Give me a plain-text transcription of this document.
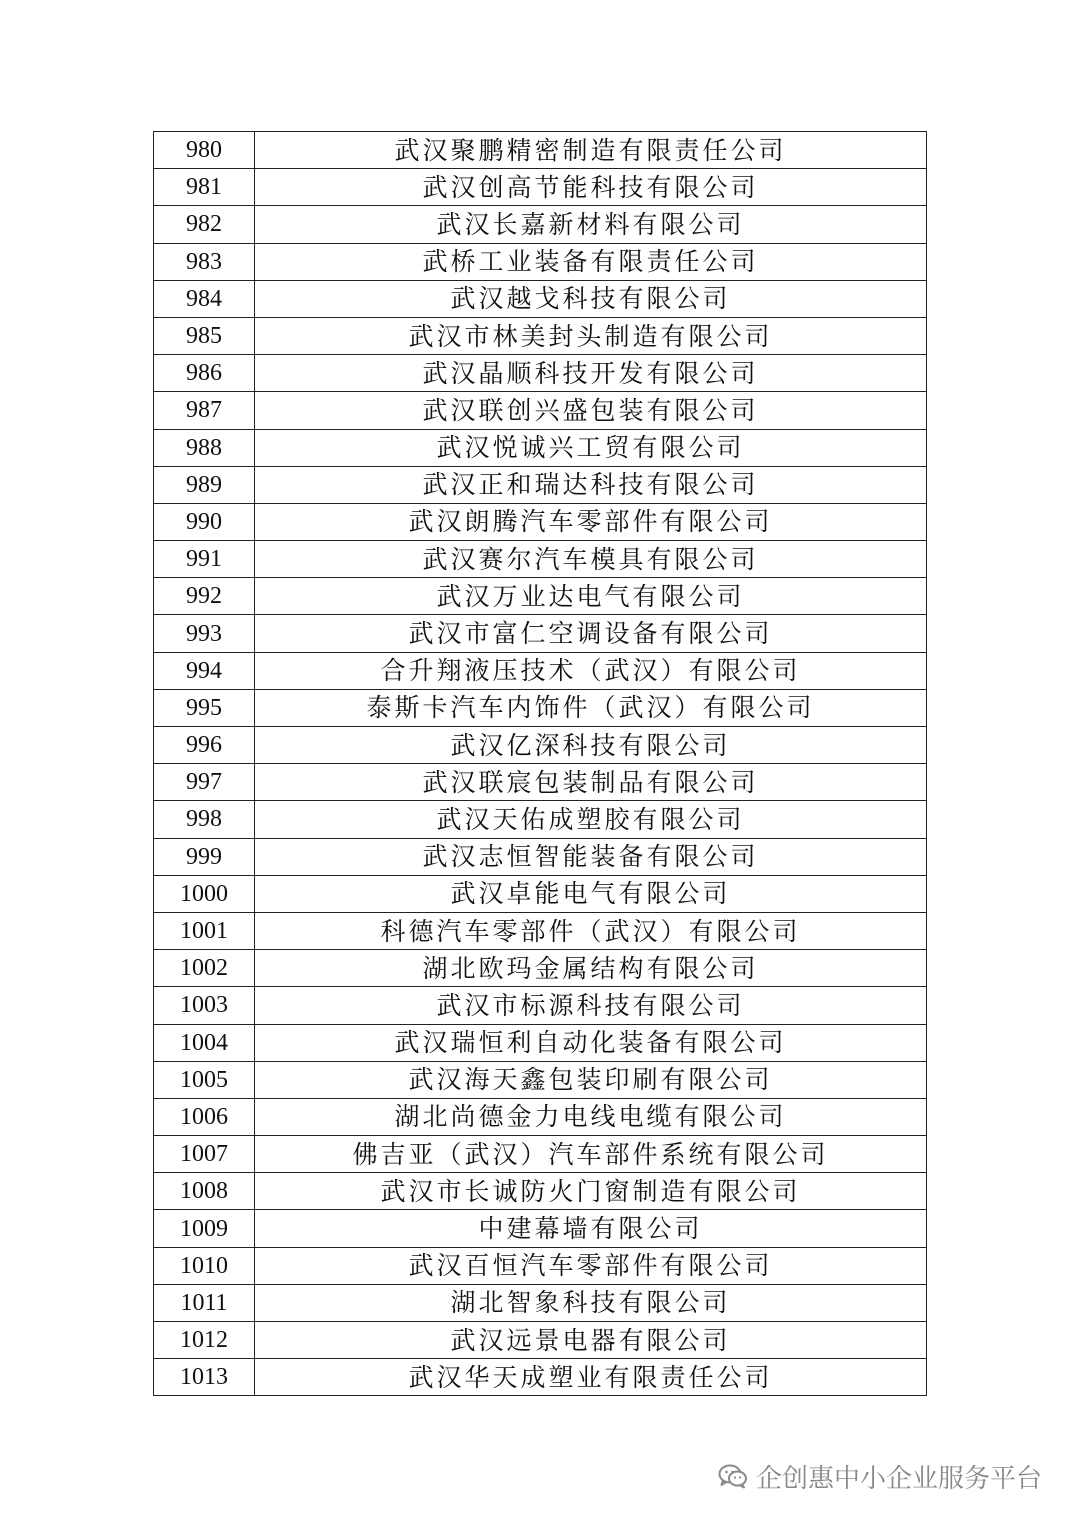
980	武汉聚鹏精密制造有限责任公司
981	武汉创高节能科技有限公司
982	武汉长嘉新材料有限公司
983	武桥工业装备有限责任公司
984	武汉越戈科技有限公司
985	武汉市林美封头制造有限公司
986	武汉晶顺科技开发有限公司
987	武汉联创兴盛包装有限公司
988	武汉悦诚兴工贸有限公司
989	武汉正和瑞达科技有限公司
990	武汉朗腾汽车零部件有限公司
991	武汉赛尔汽车模具有限公司
992	武汉万业达电气有限公司
993	武汉市富仁空调设备有限公司
994	合升翔液压技术（武汉）有限公司
995	泰斯卡汽车内饰件（武汉）有限公司
996	武汉亿深科技有限公司
997	武汉联宸包装制品有限公司
998	武汉天佑成塑胶有限公司
999	武汉志恒智能装备有限公司
1000	武汉卓能电气有限公司
1001	科德汽车零部件（武汉）有限公司
1002	湖北欧玛金属结构有限公司
1003	武汉市标源科技有限公司
1004	武汉瑞恒利自动化装备有限公司
1005	武汉海天鑫包装印刷有限公司
1006	湖北尚德金力电线电缆有限公司
1007	佛吉亚（武汉）汽车部件系统有限公司
1008	武汉市长诚防火门窗制造有限公司
1009	中建幕墙有限公司
1010	武汉百恒汽车零部件有限公司
1011	湖北智象科技有限公司
1012	武汉远景电器有限公司
1013	武汉华天成塑业有限责任公司
企创惠中小企业服务平台
